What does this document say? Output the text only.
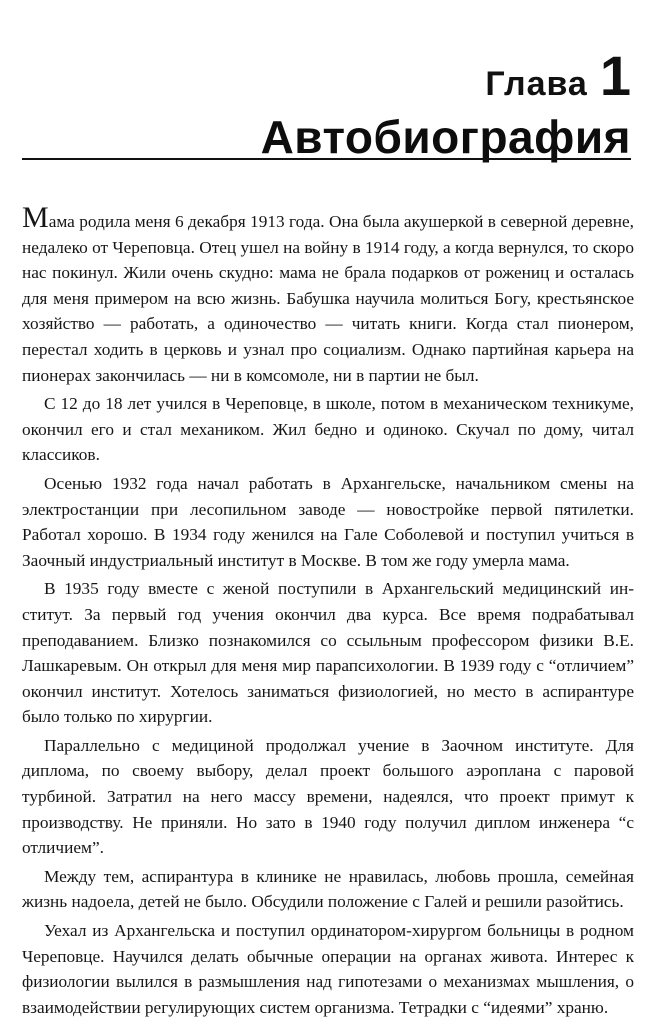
Глава 1
Автобиография

Мама родила меня 6 декабря 1913 года. Она была акушеркой в северной деревне, недалеко от Череповца. Отец ушел на войну в 1914 году, а когда вернулся, то скоро нас покинул. Жили очень скудно: мама не брала подарков от рожениц и осталась для меня примером на всю жизнь. Бабушка научила молиться Богу, крестьянское хозяйство — работать, а одиночество — читать книги. Когда стал пионером, перестал ходить в церковь и узнал про социализм. Однако партийная карьера на пионерах закончилась — ни в комсомоле, ни в партии не был.

С 12 до 18 лет учился в Череповце, в школе, потом в механическом техникуме, окончил его и стал механиком. Жил бедно и одиноко. Скучал по дому, читал классиков.

Осенью 1932 года начал работать в Архангельске, начальником смены на электростанции при лесопильном заводе — новостройке первой пятилетки. Работал хорошо. В 1934 году женился на Гале Соболевой и поступил учиться в Заочный индустриальный институт в Москве. В том же году умерла мама.

В 1935 году вместе с женой поступили в Архангельский медицинский институт. За первый год учения окончил два курса. Все время подрабатывал преподаванием. Близко познакомился со ссыльным профессором физики В.Е. Лашкаревым. Он открыл для меня мир парапсихологии. В 1939 году с “отличием” окончил институт. Хотелось заниматься физиологией, но место в аспирантуре было только по хирургии.

Параллельно с медициной продолжал учение в Заочном институте. Для диплома, по своему выбору, делал проект большого аэроплана с паровой турбиной. Затратил на него массу времени, надеялся, что проект примут к производству. Не приняли. Но зато в 1940 году получил диплом инженера “с отличием”.

Между тем, аспирантура в клинике не нравилась, любовь прошла, семейная жизнь надоела, детей не было. Обсудили положение с Галей и решили разойтись.

Уехал из Архангельска и поступил ординатором-хирургом больницы в родном Череповце. Научился делать обычные операции на органах живота. Интерес к физиологии вылился в размышления над гипотезами о механизмах мышления, о взаимодействии регулирующих систем организма. Тетрадки с “идеями” храню.
